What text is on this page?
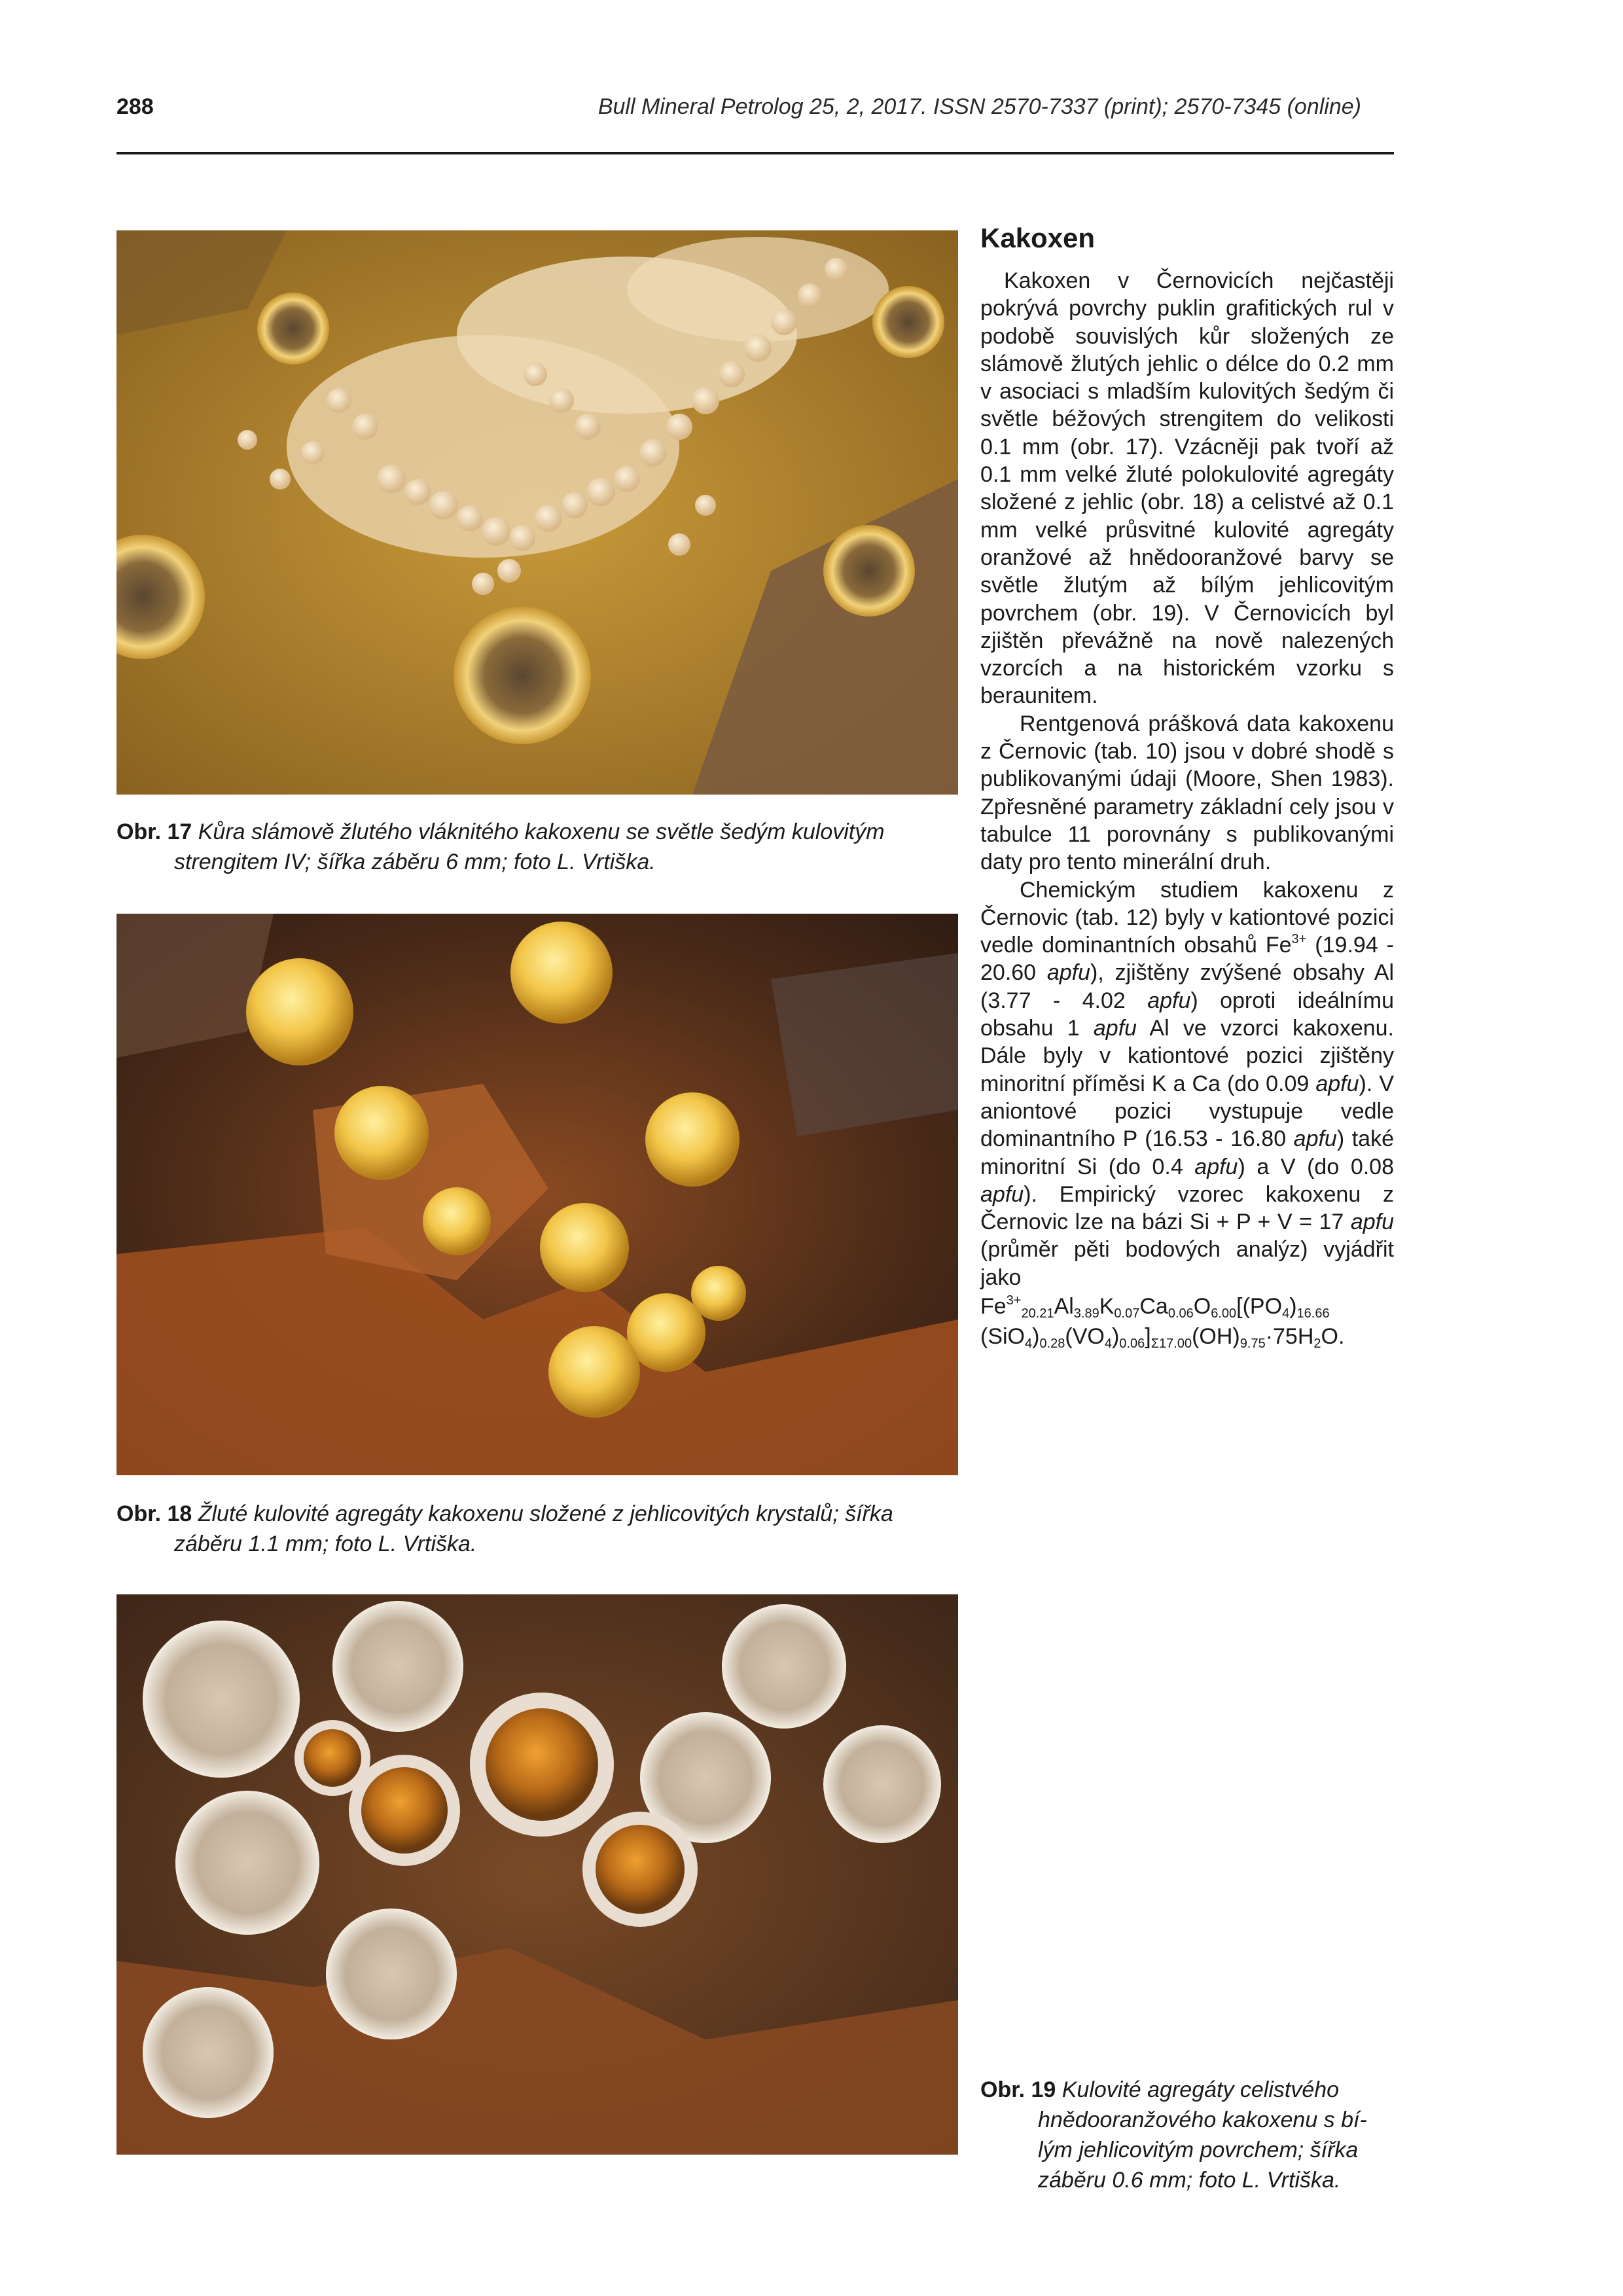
288	Bull Mineral Petrolog 25, 2, 2017. ISSN 2570-7337 (print); 2570-7345 (online)
Obr. 17 Kůra slámově žlutého vláknitého kakoxenu se světle šedým kulovitým
strengitem IV; šířka záběru 6 mm; foto L. Vrtiška.
Obr. 18 Žluté kulovité agregáty kakoxenu složené z jehlicovitých krystalů; šířka
záběru 1.1 mm; foto L. Vrtiška.
Obr. 19 Kulovité agregáty celistvého
hnědooranžového kakoxenu s bí-
lým jehlicovitým povrchem; šířka
záběru 0.6 mm; foto L. Vrtiška.
Kakoxen

Kakoxen v Černovicích nejčastěji pokrývá povrchy puklin grafitických rul v podobě souvislých kůr složených ze slámově žlutých jehlic o délce do 0.2 mm v asociaci s mladším kulovitých šedým či světle béžových strengitem do velikosti 0.1 mm (obr. 17). Vzácněji pak tvoří až 0.1 mm velké žluté polokulovité agregáty složené z jehlic (obr. 18) a celistvé až 0.1 mm velké průsvitné kulovité agregáty oranžové až hnědooranžové barvy se světle žlutým až bílým jehlicovitým povrchem (obr. 19). V Černovicích byl zjištěn převážně na nově nalezených vzorcích a na historickém vzorku s beraunitem.

Rentgenová prášková data kakoxenu z Černovic (tab. 10) jsou v dobré shodě s publikovanými údaji (Moore, Shen 1983). Zpřesněné parametry základní cely jsou v tabulce 11 porovnány s publikovanými daty pro tento minerální druh.

Chemickým studiem kakoxenu z Černovic (tab. 12) byly v kationtové pozici vedle dominantních obsahů $Fe^{3+}$ (19.94 - 20.60 apfu), zjištěny zvýšené obsahy Al (3.77 - 4.02 apfu) oproti ideálnímu obsahu 1 apfu Al ve vzorci kakoxenu. Dále byly v kationtové pozici zjištěny minoritní příměsi K a Ca (do 0.09 apfu). V aniontové pozici vystupuje vedle dominantního P (16.53 - 16.80 apfu) také minoritní Si (do 0.4 apfu) a V (do 0.08 apfu). Empirický vzorec kakoxenu z Černovic lze na bázi Si + P + V = 17 apfu (průměr pěti bodových analýz) vyjádřit jako

$Fe^{3+}_{20.21}Al_{3.89}K_{0.07}Ca_{0.06}O_{6.00}[(PO_4)_{16.66}$
$(SiO_4)_{0.28}(VO_4)_{0.06}]_{\Sigma 17.00}(OH)_{9.75}\cdot 75H_2O$.
